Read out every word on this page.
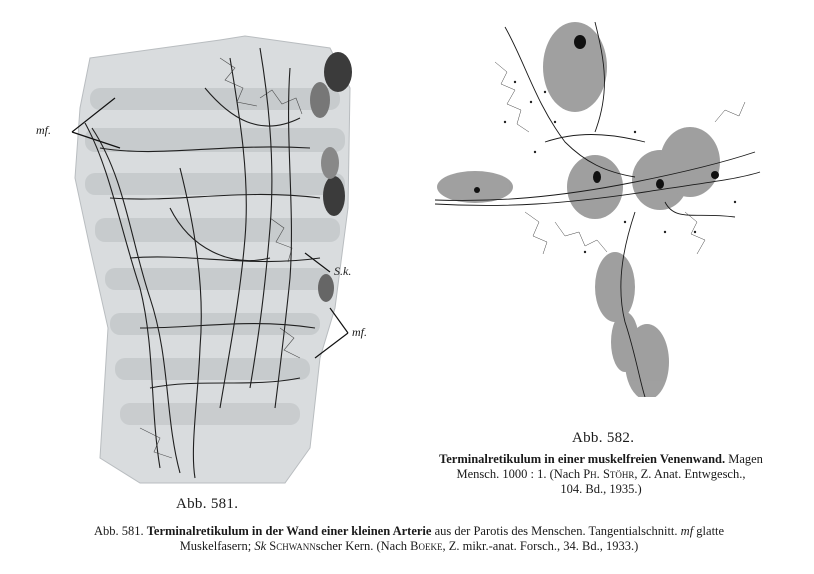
mf.
S.k.
mf.
Abb. 581.
Abb. 582.
Terminalretikulum in einer muskelfreien Venenwand. Magen
Mensch. 1000 : 1. (Nach Ph. Stöhr, Z. Anat. Entwgesch.,
104. Bd., 1935.)
Abb. 581. Terminalretikulum in der Wand einer kleinen Arterie aus der Parotis des Menschen. Tangentialschnitt. mf glatte
Muskelfasern; Sk Schwannscher Kern. (Nach Boeke, Z. mikr.-anat. Forsch., 34. Bd., 1933.)
